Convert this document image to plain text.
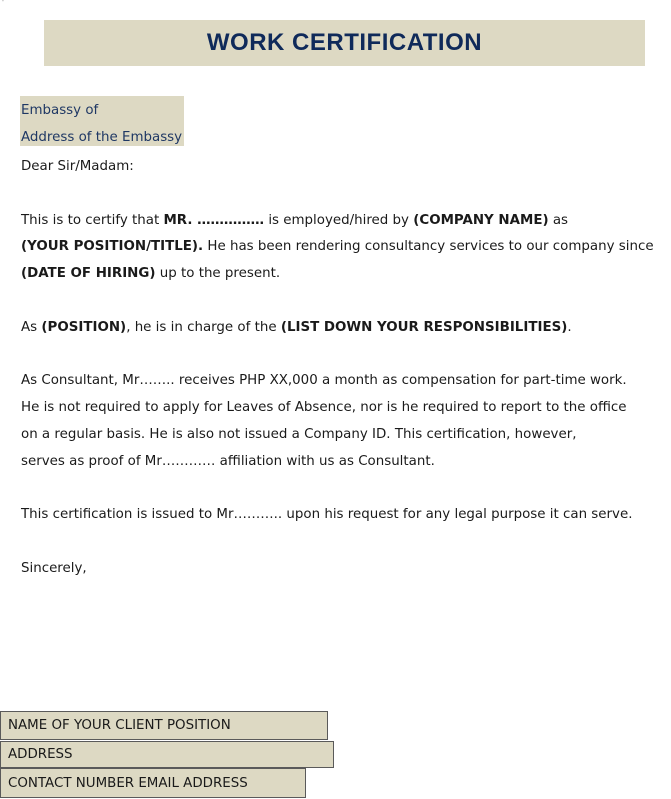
'
WORK CERTIFICATION
Embassy of
Address of the Embassy
Dear Sir/Madam:
This is to certify that MR. …………… is employed/hired by (COMPANY NAME) as
(YOUR POSITION/TITLE). He has been rendering consultancy services to our company since
(DATE OF HIRING) up to the present.
As (POSITION), he is in charge of the (LIST DOWN YOUR RESPONSIBILITIES).
As Consultant, Mr…….. receives PHP XX,000 a month as compensation for part-time work.
He is not required to apply for Leaves of Absence, nor is he required to report to the office
on a regular basis. He is also not issued a Company ID. This certification, however,
serves as proof of Mr………… affiliation with us as Consultant.
This certification is issued to Mr……….. upon his request for any legal purpose it can serve.
Sincerely,
NAME OF YOUR CLIENT POSITION
ADDRESS
CONTACT NUMBER EMAIL ADDRESS
